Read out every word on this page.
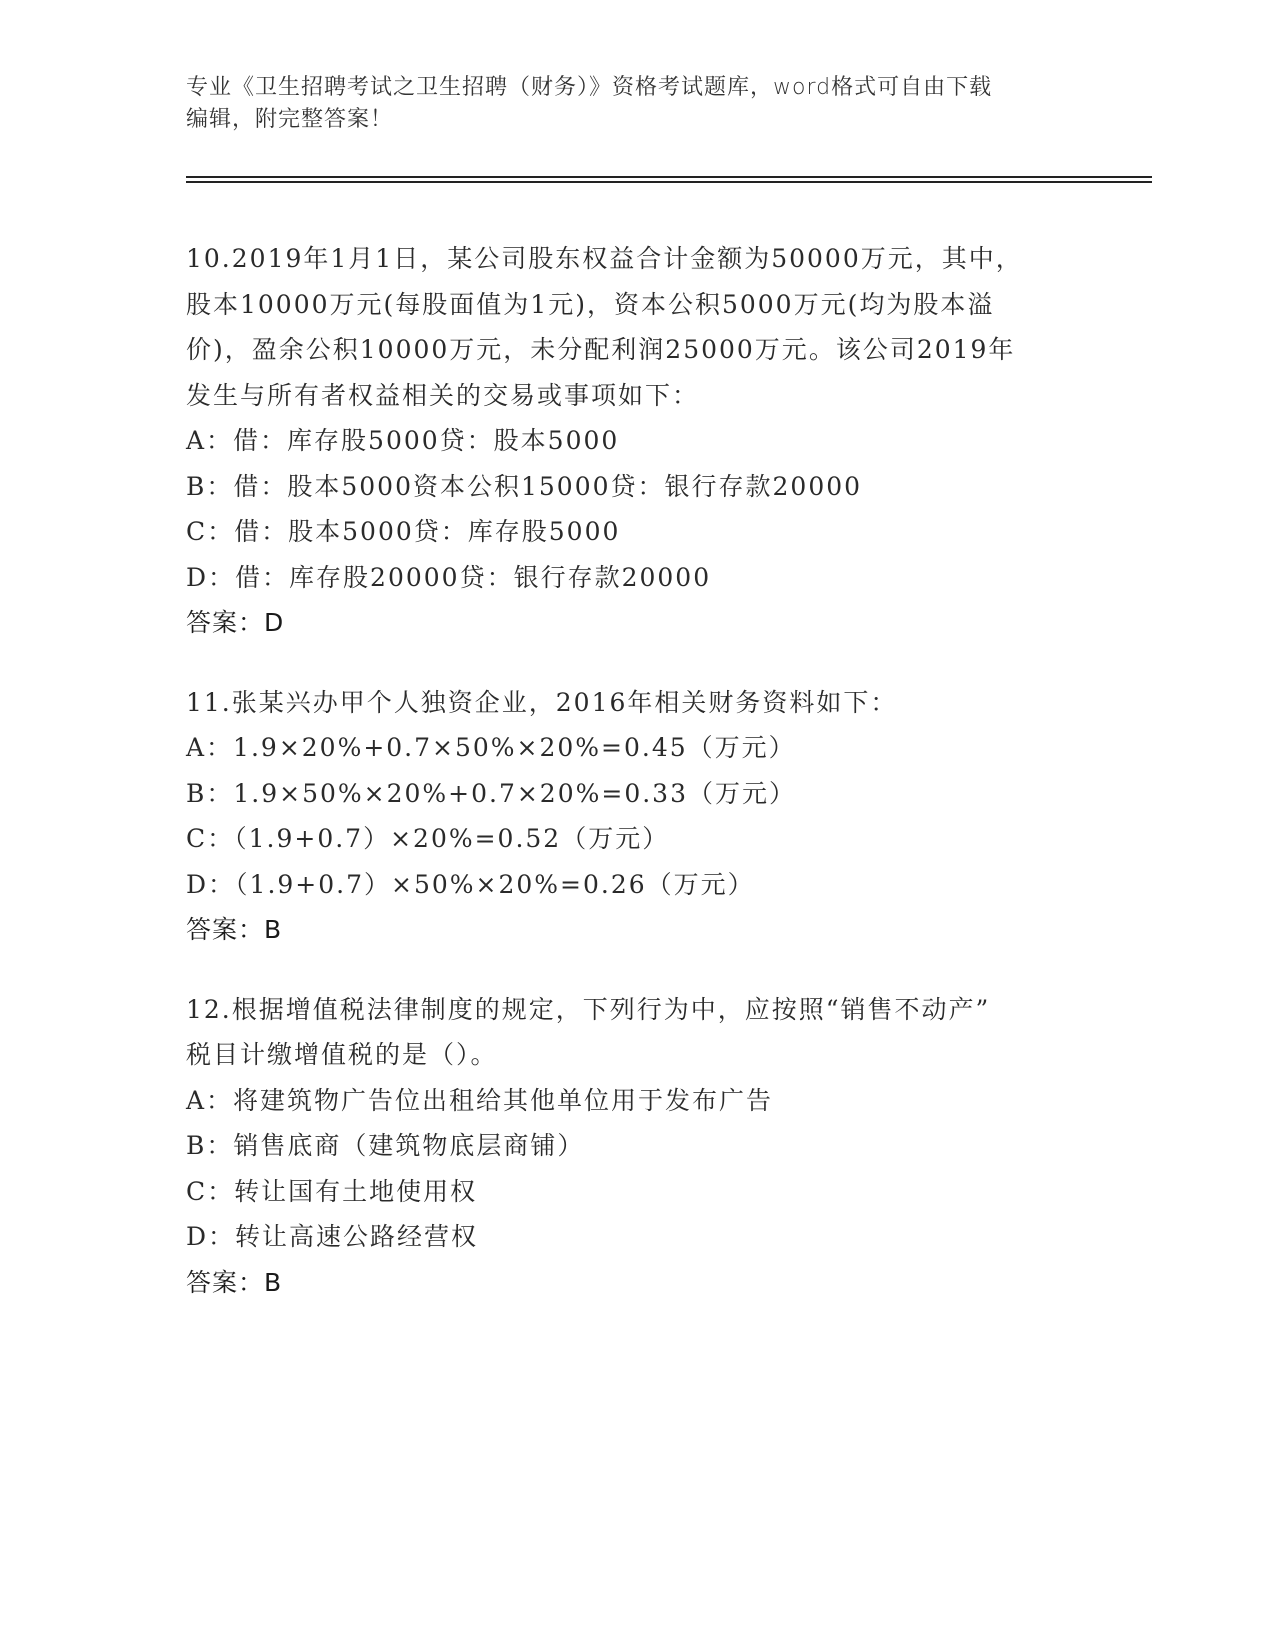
专业《卫生招聘考试之卫生招聘（财务）》资格考试题库，word格式可自由下载
编辑，附完整答案！
10.2019年1月1日，某公司股东权益合计金额为50000万元，其中，
股本10000万元(每股面值为1元)，资本公积5000万元(均为股本溢
价)，盈余公积10000万元，未分配利润25000万元。该公司2019年
发生与所有者权益相关的交易或事项如下：
A：借：库存股5000贷：股本5000
B：借：股本5000资本公积15000贷：银行存款20000
C：借：股本5000贷：库存股5000
D：借：库存股20000贷：银行存款20000
答案：D
11.张某兴办甲个人独资企业，2016年相关财务资料如下：
A：1.9×20%+0.7×50%×20%=0.45（万元）
B：1.9×50%×20%+0.7×20%=0.33（万元）
C：（1.9+0.7）×20%=0.52（万元）
D：（1.9+0.7）×50%×20%=0.26（万元）
答案：B
12.根据增值税法律制度的规定，下列行为中，应按照“销售不动产”
税目计缴增值税的是（）。
A：将建筑物广告位出租给其他单位用于发布广告
B：销售底商（建筑物底层商铺）
C：转让国有土地使用权
D：转让高速公路经营权
答案：B
